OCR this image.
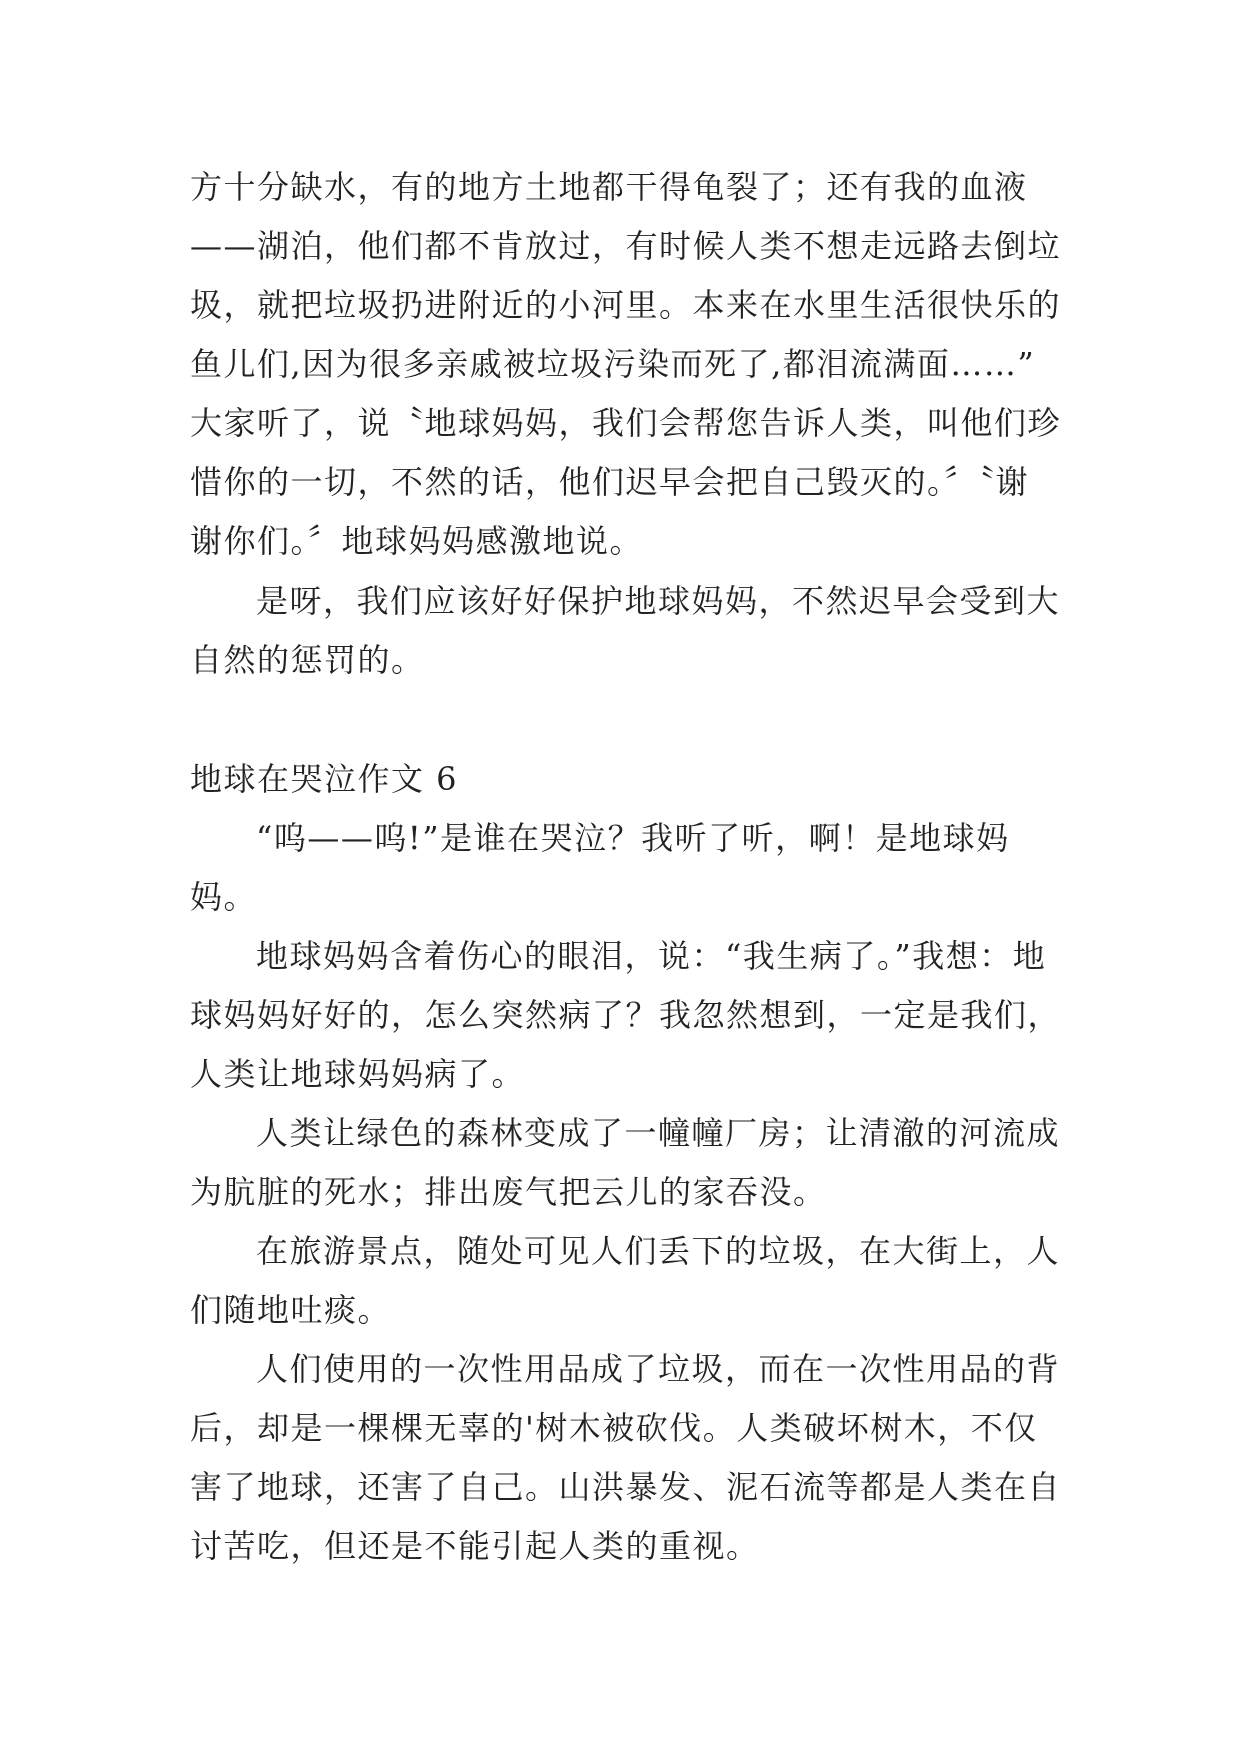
方十分缺水，有的地方土地都干得龟裂了；还有我的血液
——湖泊，他们都不肯放过，有时候人类不想走远路去倒垃
圾，就把垃圾扔进附近的小河里。本来在水里生活很快乐的
鱼儿们,因为很多亲戚被垃圾污染而死了,都泪流满面……”
大家听了，说〝地球妈妈，我们会帮您告诉人类，叫他们珍
惜你的一切，不然的话，他们迟早会把自己毁灭的。〞〝谢
谢你们。〞地球妈妈感激地说。
是呀，我们应该好好保护地球妈妈，不然迟早会受到大
自然的惩罚的。
地球在哭泣作文 6
“呜——呜!”是谁在哭泣？我听了听，啊！是地球妈
妈。
地球妈妈含着伤心的眼泪，说：“我生病了。”我想：地
球妈妈好好的，怎么突然病了？我忽然想到，一定是我们，
人类让地球妈妈病了。
人类让绿色的森林变成了一幢幢厂房；让清澈的河流成
为肮脏的死水；排出废气把云儿的家吞没。
在旅游景点，随处可见人们丢下的垃圾，在大街上，人
们随地吐痰。
人们使用的一次性用品成了垃圾，而在一次性用品的背
后，却是一棵棵无辜的'树木被砍伐。人类破坏树木，不仅
害了地球，还害了自己。山洪暴发、泥石流等都是人类在自
讨苦吃，但还是不能引起人类的重视。
